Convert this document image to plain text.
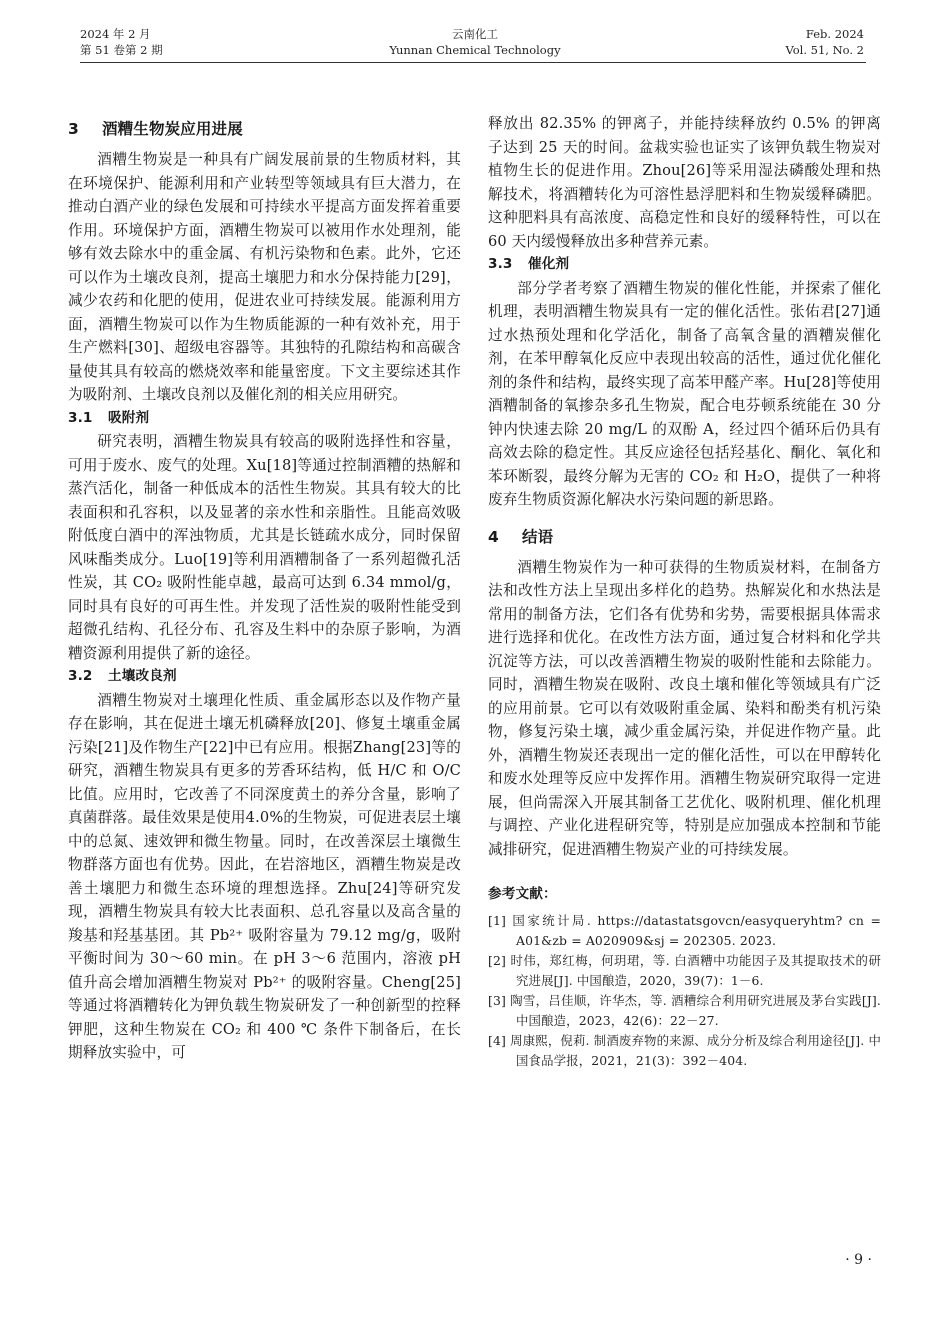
2024 年 2 月
第 51 卷第 2 期
云南化工
Yunnan Chemical Technology
Feb. 2024
Vol. 51, No. 2
3 酒糟生物炭应用进展

酒糟生物炭是一种具有广阔发展前景的生物质材料，其在环境保护、能源利用和产业转型等领域具有巨大潜力，在推动白酒产业的绿色发展和可持续水平提高方面发挥着重要作用。环境保护方面，酒糟生物炭可以被用作水处理剂，能够有效去除水中的重金属、有机污染物和色素。此外，它还可以作为土壤改良剂，提高土壤肥力和水分保持能力[29]，减少农药和化肥的使用，促进农业可持续发展。能源利用方面，酒糟生物炭可以作为生物质能源的一种有效补充，用于生产燃料[30]、超级电容器等。其独特的孔隙结构和高碳含量使其具有较高的燃烧效率和能量密度。下文主要综述其作为吸附剂、土壤改良剂以及催化剂的相关应用研究。

3.1 吸附剂

研究表明，酒糟生物炭具有较高的吸附选择性和容量，可用于废水、废气的处理。Xu[18]等通过控制酒糟的热解和蒸汽活化，制备一种低成本的活性生物炭。其具有较大的比表面积和孔容积，以及显著的亲水性和亲脂性。且能高效吸附低度白酒中的浑浊物质，尤其是长链疏水成分，同时保留风味酯类成分。Luo[19]等利用酒糟制备了一系列超微孔活性炭，其 CO₂ 吸附性能卓越，最高可达到 6.34 mmol/g，同时具有良好的可再生性。并发现了活性炭的吸附性能受到超微孔结构、孔径分布、孔容及生料中的杂原子影响，为酒糟资源利用提供了新的途径。

3.2 土壤改良剂

酒糟生物炭对土壤理化性质、重金属形态以及作物产量存在影响，其在促进土壤无机磷释放[20]、修复土壤重金属污染[21]及作物生产[22]中已有应用。根据Zhang[23]等的研究，酒糟生物炭具有更多的芳香环结构，低 H/C 和 O/C 比值。应用时，它改善了不同深度黄土的养分含量，影响了真菌群落。最佳效果是使用4.0%的生物炭，可促进表层土壤中的总氮、速效钾和微生物量。同时，在改善深层土壤微生物群落方面也有优势。因此，在岩溶地区，酒糟生物炭是改善土壤肥力和微生态环境的理想选择。Zhu[24]等研究发现，酒糟生物炭具有较大比表面积、总孔容量以及高含量的羧基和羟基基团。其 Pb²⁺ 吸附容量为 79.12 mg/g，吸附平衡时间为 30～60 min。在 pH 3～6 范围内，溶液 pH 值升高会增加酒糟生物炭对 Pb²⁺ 的吸附容量。Cheng[25]等通过将酒糟转化为钾负载生物炭研发了一种创新型的控释钾肥，这种生物炭在 CO₂ 和 400 ℃ 条件下制备后，在长期释放实验中，可

释放出 82.35% 的钾离子，并能持续释放约 0.5% 的钾离子达到 25 天的时间。盆栽实验也证实了该钾负载生物炭对植物生长的促进作用。Zhou[26]等采用湿法磷酸处理和热解技术，将酒糟转化为可溶性悬浮肥料和生物炭缓释磷肥。这种肥料具有高浓度、高稳定性和良好的缓释特性，可以在 60 天内缓慢释放出多种营养元素。

3.3 催化剂

部分学者考察了酒糟生物炭的催化性能，并探索了催化机理，表明酒糟生物炭具有一定的催化活性。张佑君[27]通过水热预处理和化学活化，制备了高氧含量的酒糟炭催化剂，在苯甲醇氧化反应中表现出较高的活性，通过优化催化剂的条件和结构，最终实现了高苯甲醛产率。Hu[28]等使用酒糟制备的氧掺杂多孔生物炭，配合电芬顿系统能在 30 分钟内快速去除 20 mg/L 的双酚 A，经过四个循环后仍具有高效去除的稳定性。其反应途径包括羟基化、酮化、氧化和苯环断裂，最终分解为无害的 CO₂ 和 H₂O，提供了一种将废弃生物质资源化解决水污染问题的新思路。

4 结语

酒糟生物炭作为一种可获得的生物质炭材料，在制备方法和改性方法上呈现出多样化的趋势。热解炭化和水热法是常用的制备方法，它们各有优势和劣势，需要根据具体需求进行选择和优化。在改性方法方面，通过复合材料和化学共沉淀等方法，可以改善酒糟生物炭的吸附性能和去除能力。同时，酒糟生物炭在吸附、改良土壤和催化等领域具有广泛的应用前景。它可以有效吸附重金属、染料和酚类有机污染物，修复污染土壤，减少重金属污染，并促进作物产量。此外，酒糟生物炭还表现出一定的催化活性，可以在甲醇转化和废水处理等反应中发挥作用。酒糟生物炭研究取得一定进展，但尚需深入开展其制备工艺优化、吸附机理、催化机理与调控、产业化进程研究等，特别是应加强成本控制和节能减排研究，促进酒糟生物炭产业的可持续发展。

参考文献：

[1] 国家统计局. https://datastatsgovcn/easyqueryhtm? cn = A01&zb = A020909&sj = 202305. 2023.

[2] 时伟，郑红梅，何玥珺，等. 白酒糟中功能因子及其提取技术的研究进展[J]. 中国酿造，2020，39(7)：1－6.

[3] 陶雪，吕佳顺，许华杰，等. 酒糟综合利用研究进展及茅台实践[J]. 中国酿造，2023，42(6)：22－27.

[4] 周康熙，倪莉. 制酒废弃物的来源、成分分析及综合利用途径[J]. 中国食品学报，2021，21(3)：392－404.

· 9 ·
